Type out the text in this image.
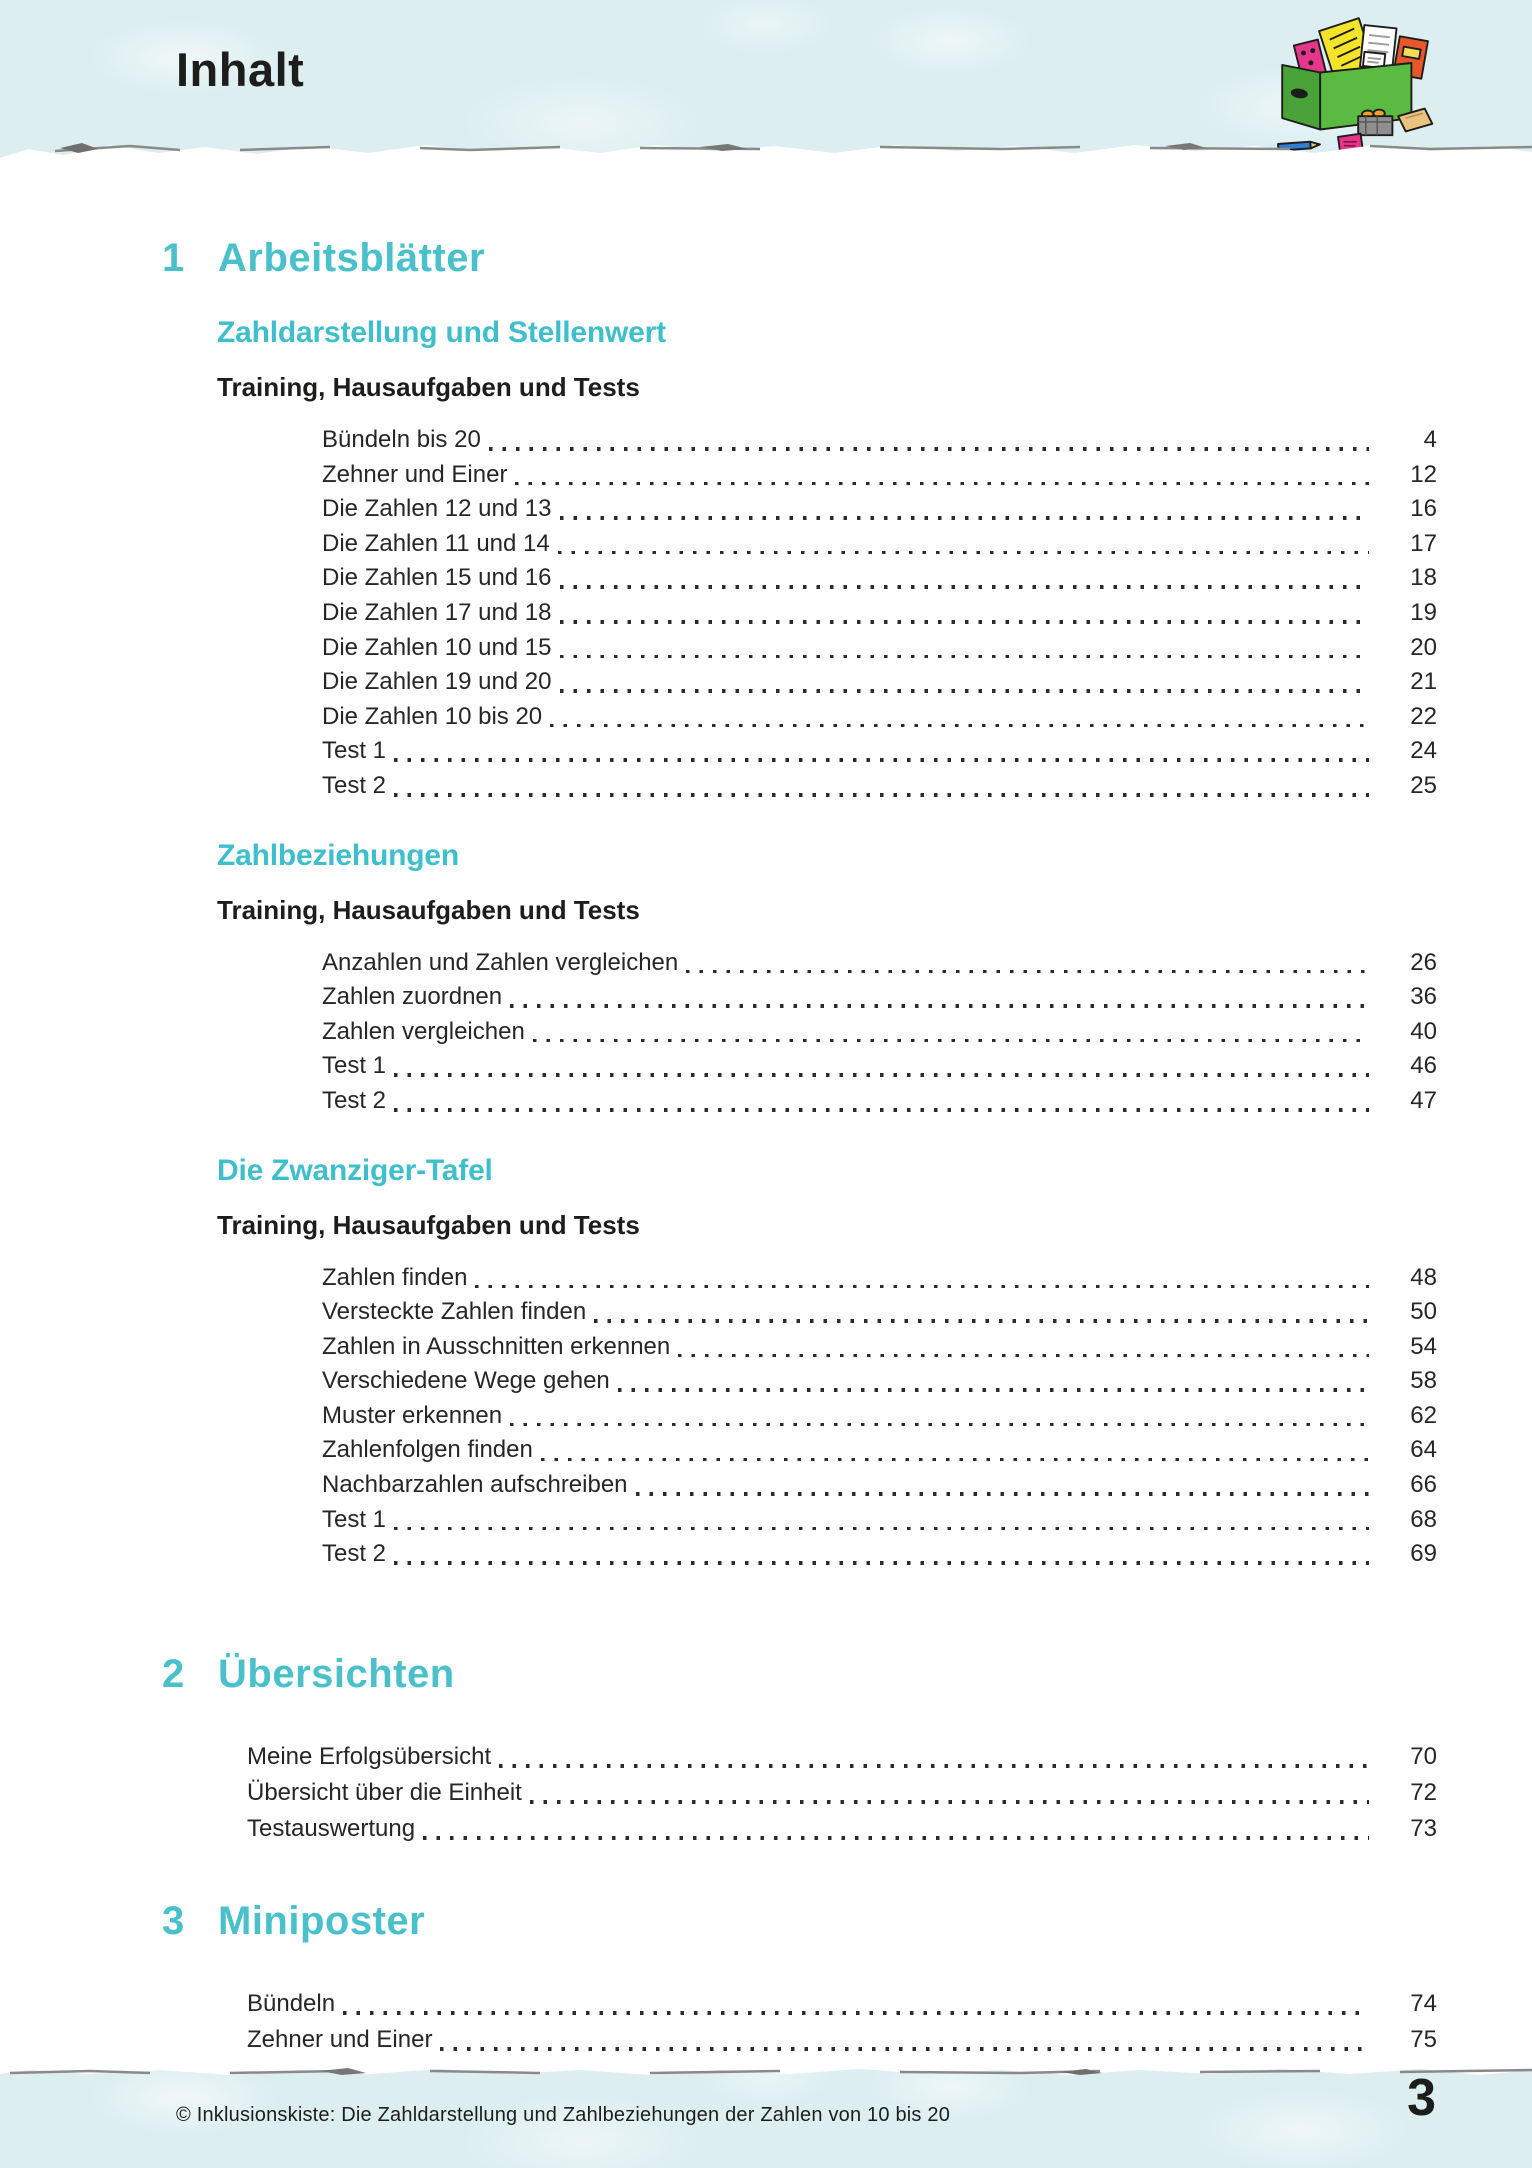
Inhalt
1 Arbeitsblätter
Zahldarstellung und Stellenwert
Training, Hausaufgaben und Tests
Bündeln bis 20	4
Zehner und Einer	12
Die Zahlen 12 und 13	16
Die Zahlen 11 und 14	17
Die Zahlen 15 und 16	18
Die Zahlen 17 und 18	19
Die Zahlen 10 und 15	20
Die Zahlen 19 und 20	21
Die Zahlen 10 bis 20	22
Test 1	24
Test 2	25
Zahlbeziehungen
Training, Hausaufgaben und Tests
Anzahlen und Zahlen vergleichen	26
Zahlen zuordnen	36
Zahlen vergleichen	40
Test 1	46
Test 2	47
Die Zwanziger-Tafel
Training, Hausaufgaben und Tests
Zahlen finden	48
Versteckte Zahlen finden	50
Zahlen in Ausschnitten erkennen	54
Verschiedene Wege gehen	58
Muster erkennen	62
Zahlenfolgen finden	64
Nachbarzahlen aufschreiben	66
Test 1	68
Test 2	69
2 Übersichten
Meine Erfolgsübersicht	70
Übersicht über die Einheit	72
Testauswertung	73
3 Miniposter
Bündeln	74
Zehner und Einer	75
© Inklusionskiste: Die Zahldarstellung und Zahlbeziehungen der Zahlen von 10 bis 20	3
